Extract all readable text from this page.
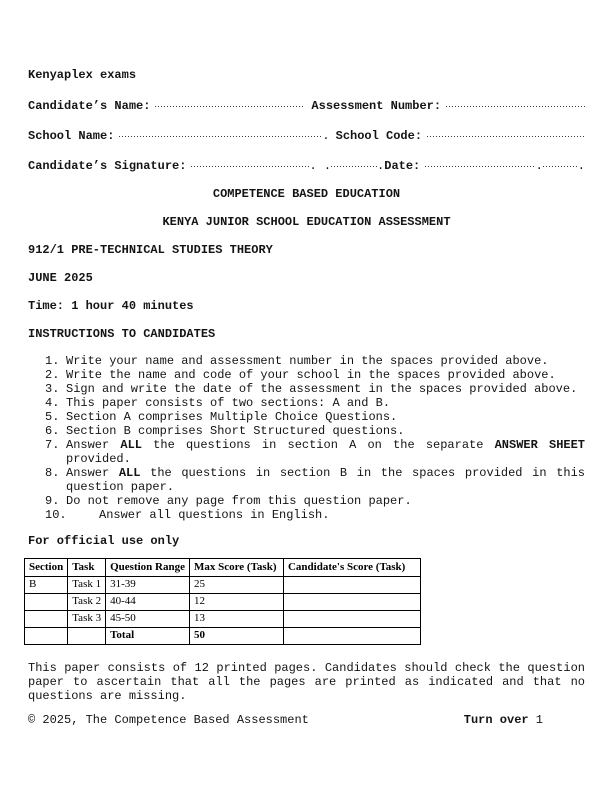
Kenyaplex exams
Candidate’s Name:	Assessment Number:
School Name:	. School Code:
Candidate’s Signature:	. .	. Date:	.	.
COMPETENCE BASED EDUCATION
KENYA JUNIOR SCHOOL EDUCATION ASSESSMENT
912/1 PRE-TECHNICAL STUDIES THEORY
JUNE 2025
Time: 1 hour 40 minutes
INSTRUCTIONS TO CANDIDATES
1. Write your name and assessment number in the spaces provided above.
2. Write the name and code of your school in the spaces provided above.
3. Sign and write the date of the assessment in the spaces provided above.
4. This paper consists of two sections: A and B.
5. Section A comprises Multiple Choice Questions.
6. Section B comprises Short Structured questions.
7. Answer ALL the questions in section A on the separate ANSWER SHEET provided.
8. Answer ALL the questions in section B in the spaces provided in this question paper.
9. Do not remove any page from this question paper.
10.	Answer all questions in English.
For official use only
Section	Task	Question Range	Max Score (Task)	Candidate's Score (Task)
B	Task 1	31-39	25	
	Task 2	40-44	12	
	Task 3	45-50	13	
		Total	50	
This paper consists of 12 printed pages. Candidates should check the question paper to ascertain that all the pages are printed as indicated and that no questions are missing.
© 2025, The Competence Based Assessment	Turn over 1
